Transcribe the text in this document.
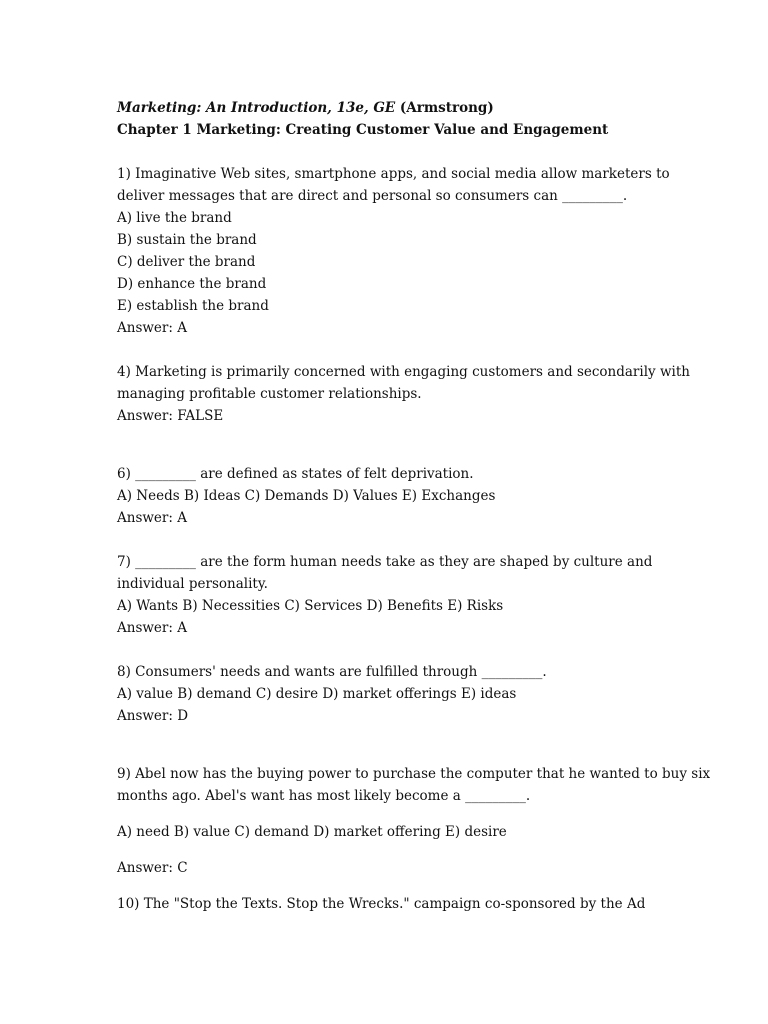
Marketing: An Introduction, 13e, GE (Armstrong)
Chapter 1 Marketing: Creating Customer Value and Engagement
1) Imaginative Web sites, smartphone apps, and social media allow marketers to
deliver messages that are direct and personal so consumers can _________.
A) live the brand
B) sustain the brand
C) deliver the brand
D) enhance the brand
E) establish the brand
Answer: A
4) Marketing is primarily concerned with engaging customers and secondarily with
managing profitable customer relationships.
Answer: FALSE
6) _________ are defined as states of felt deprivation.
A) Needs B) Ideas C) Demands D) Values E) Exchanges
Answer: A
7) _________ are the form human needs take as they are shaped by culture and
individual personality.
A) Wants B) Necessities C) Services D) Benefits E) Risks
Answer: A
8) Consumers' needs and wants are fulfilled through _________.
A) value B) demand C) desire D) market offerings E) ideas
Answer: D
9) Abel now has the buying power to purchase the computer that he wanted to buy six
months ago. Abel's want has most likely become a _________.
A) need B) value C) demand D) market offering E) desire
Answer: C
10) The "Stop the Texts. Stop the Wrecks." campaign co-sponsored by the Ad
